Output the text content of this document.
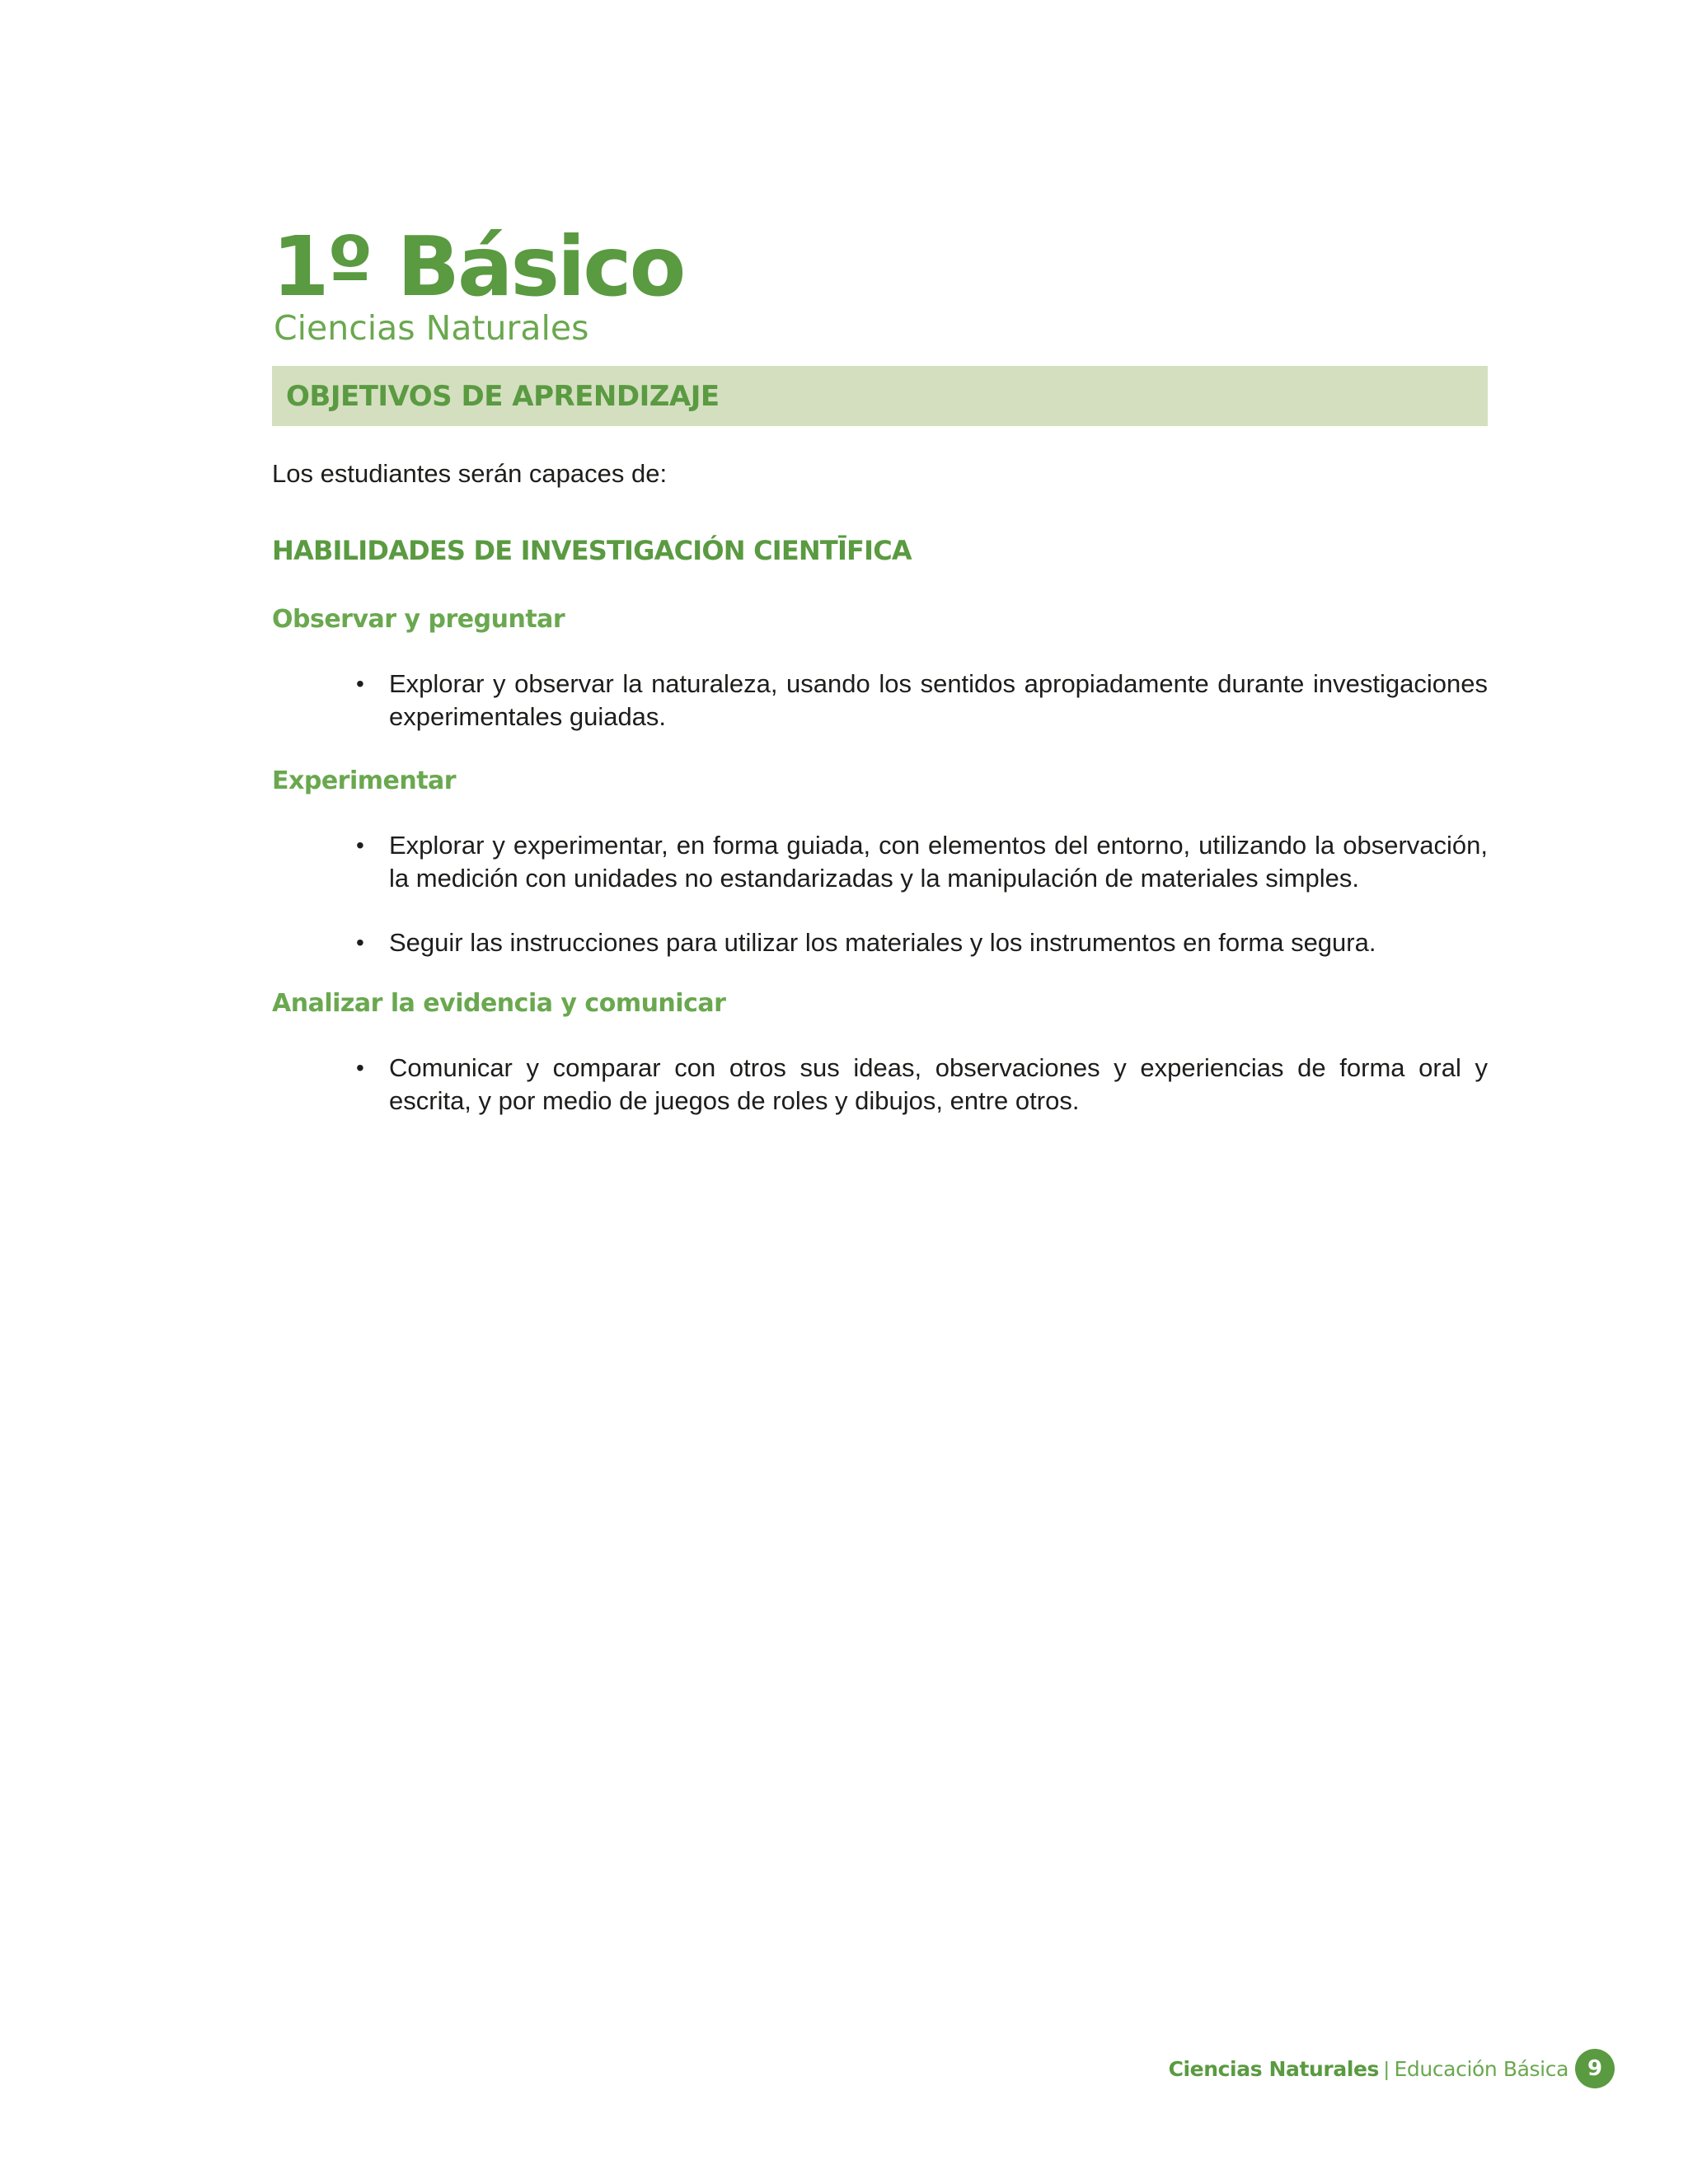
1º Básico
Ciencias Naturales
OBJETIVOS DE APRENDIZAJE
Los estudiantes serán capaces de:
HABILIDADES DE INVESTIGACIÓN CIENTĪFICA
Observar y preguntar
• Explorar y observar la naturaleza, usando los sentidos apropiadamente durante investigaciones experimentales guiadas.
Experimentar
• Explorar y experimentar, en forma guiada, con elementos del entorno, utilizando la observación, la medición con unidades no estandarizadas y la manipulación de materiales simples.
• Seguir las instrucciones para utilizar los materiales y los instrumentos en forma segura.
Analizar la evidencia y comunicar
• Comunicar y comparar con otros sus ideas, observaciones y experiencias de forma oral y escrita, y por medio de juegos de roles y dibujos, entre otros.
Ciencias Naturales | Educación Básica 9
